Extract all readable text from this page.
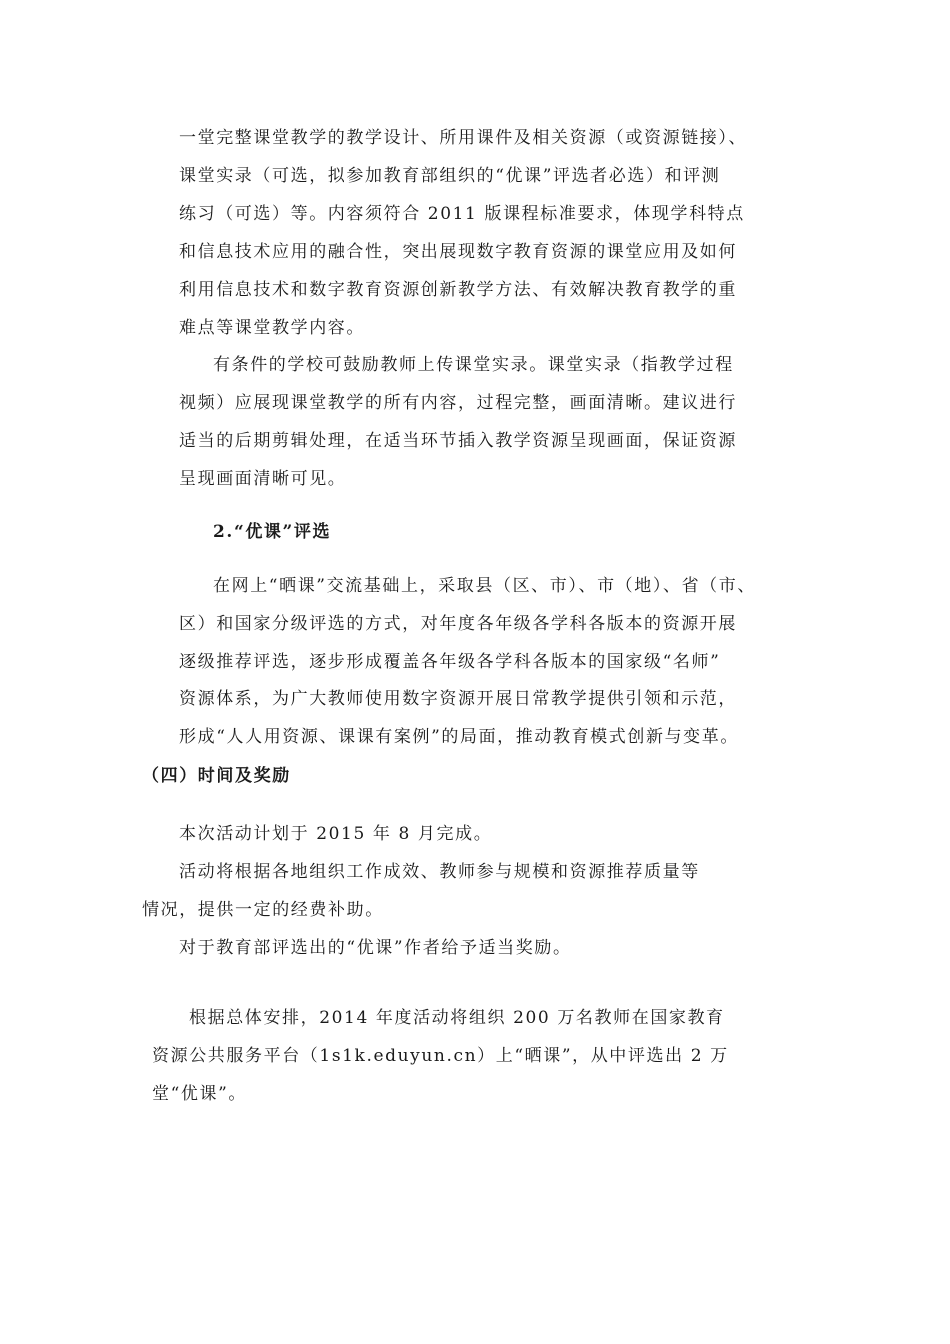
一堂完整课堂教学的教学设计、所用课件及相关资源（或资源链接）、

课堂实录（可选，拟参加教育部组织的“优课”评选者必选）和评测

练习（可选）等。内容须符合 2011 版课程标准要求，体现学科特点

和信息技术应用的融合性，突出展现数字教育资源的课堂应用及如何

利用信息技术和数字教育资源创新教学方法、有效解决教育教学的重

难点等课堂教学内容。

有条件的学校可鼓励教师上传课堂实录。课堂实录（指教学过程

视频）应展现课堂教学的所有内容，过程完整，画面清晰。建议进行

适当的后期剪辑处理，在适当环节插入教学资源呈现画面，保证资源

呈现画面清晰可见。

2.“优课”评选

在网上“晒课”交流基础上，采取县（区、市）、市（地）、省（市、

区）和国家分级评选的方式，对年度各年级各学科各版本的资源开展

逐级推荐评选，逐步形成覆盖各年级各学科各版本的国家级“名师”

资源体系，为广大教师使用数字资源开展日常教学提供引领和示范，

形成“人人用资源、课课有案例”的局面，推动教育模式创新与变革。

（四）时间及奖励

本次活动计划于 2015 年 8 月完成。

活动将根据各地组织工作成效、教师参与规模和资源推荐质量等

情况，提供一定的经费补助。

对于教育部评选出的“优课”作者给予适当奖励。

根据总体安排，2014 年度活动将组织 200 万名教师在国家教育

资源公共服务平台（1s1k.eduyun.cn）上“晒课”，从中评选出 2 万

堂“优课”。
